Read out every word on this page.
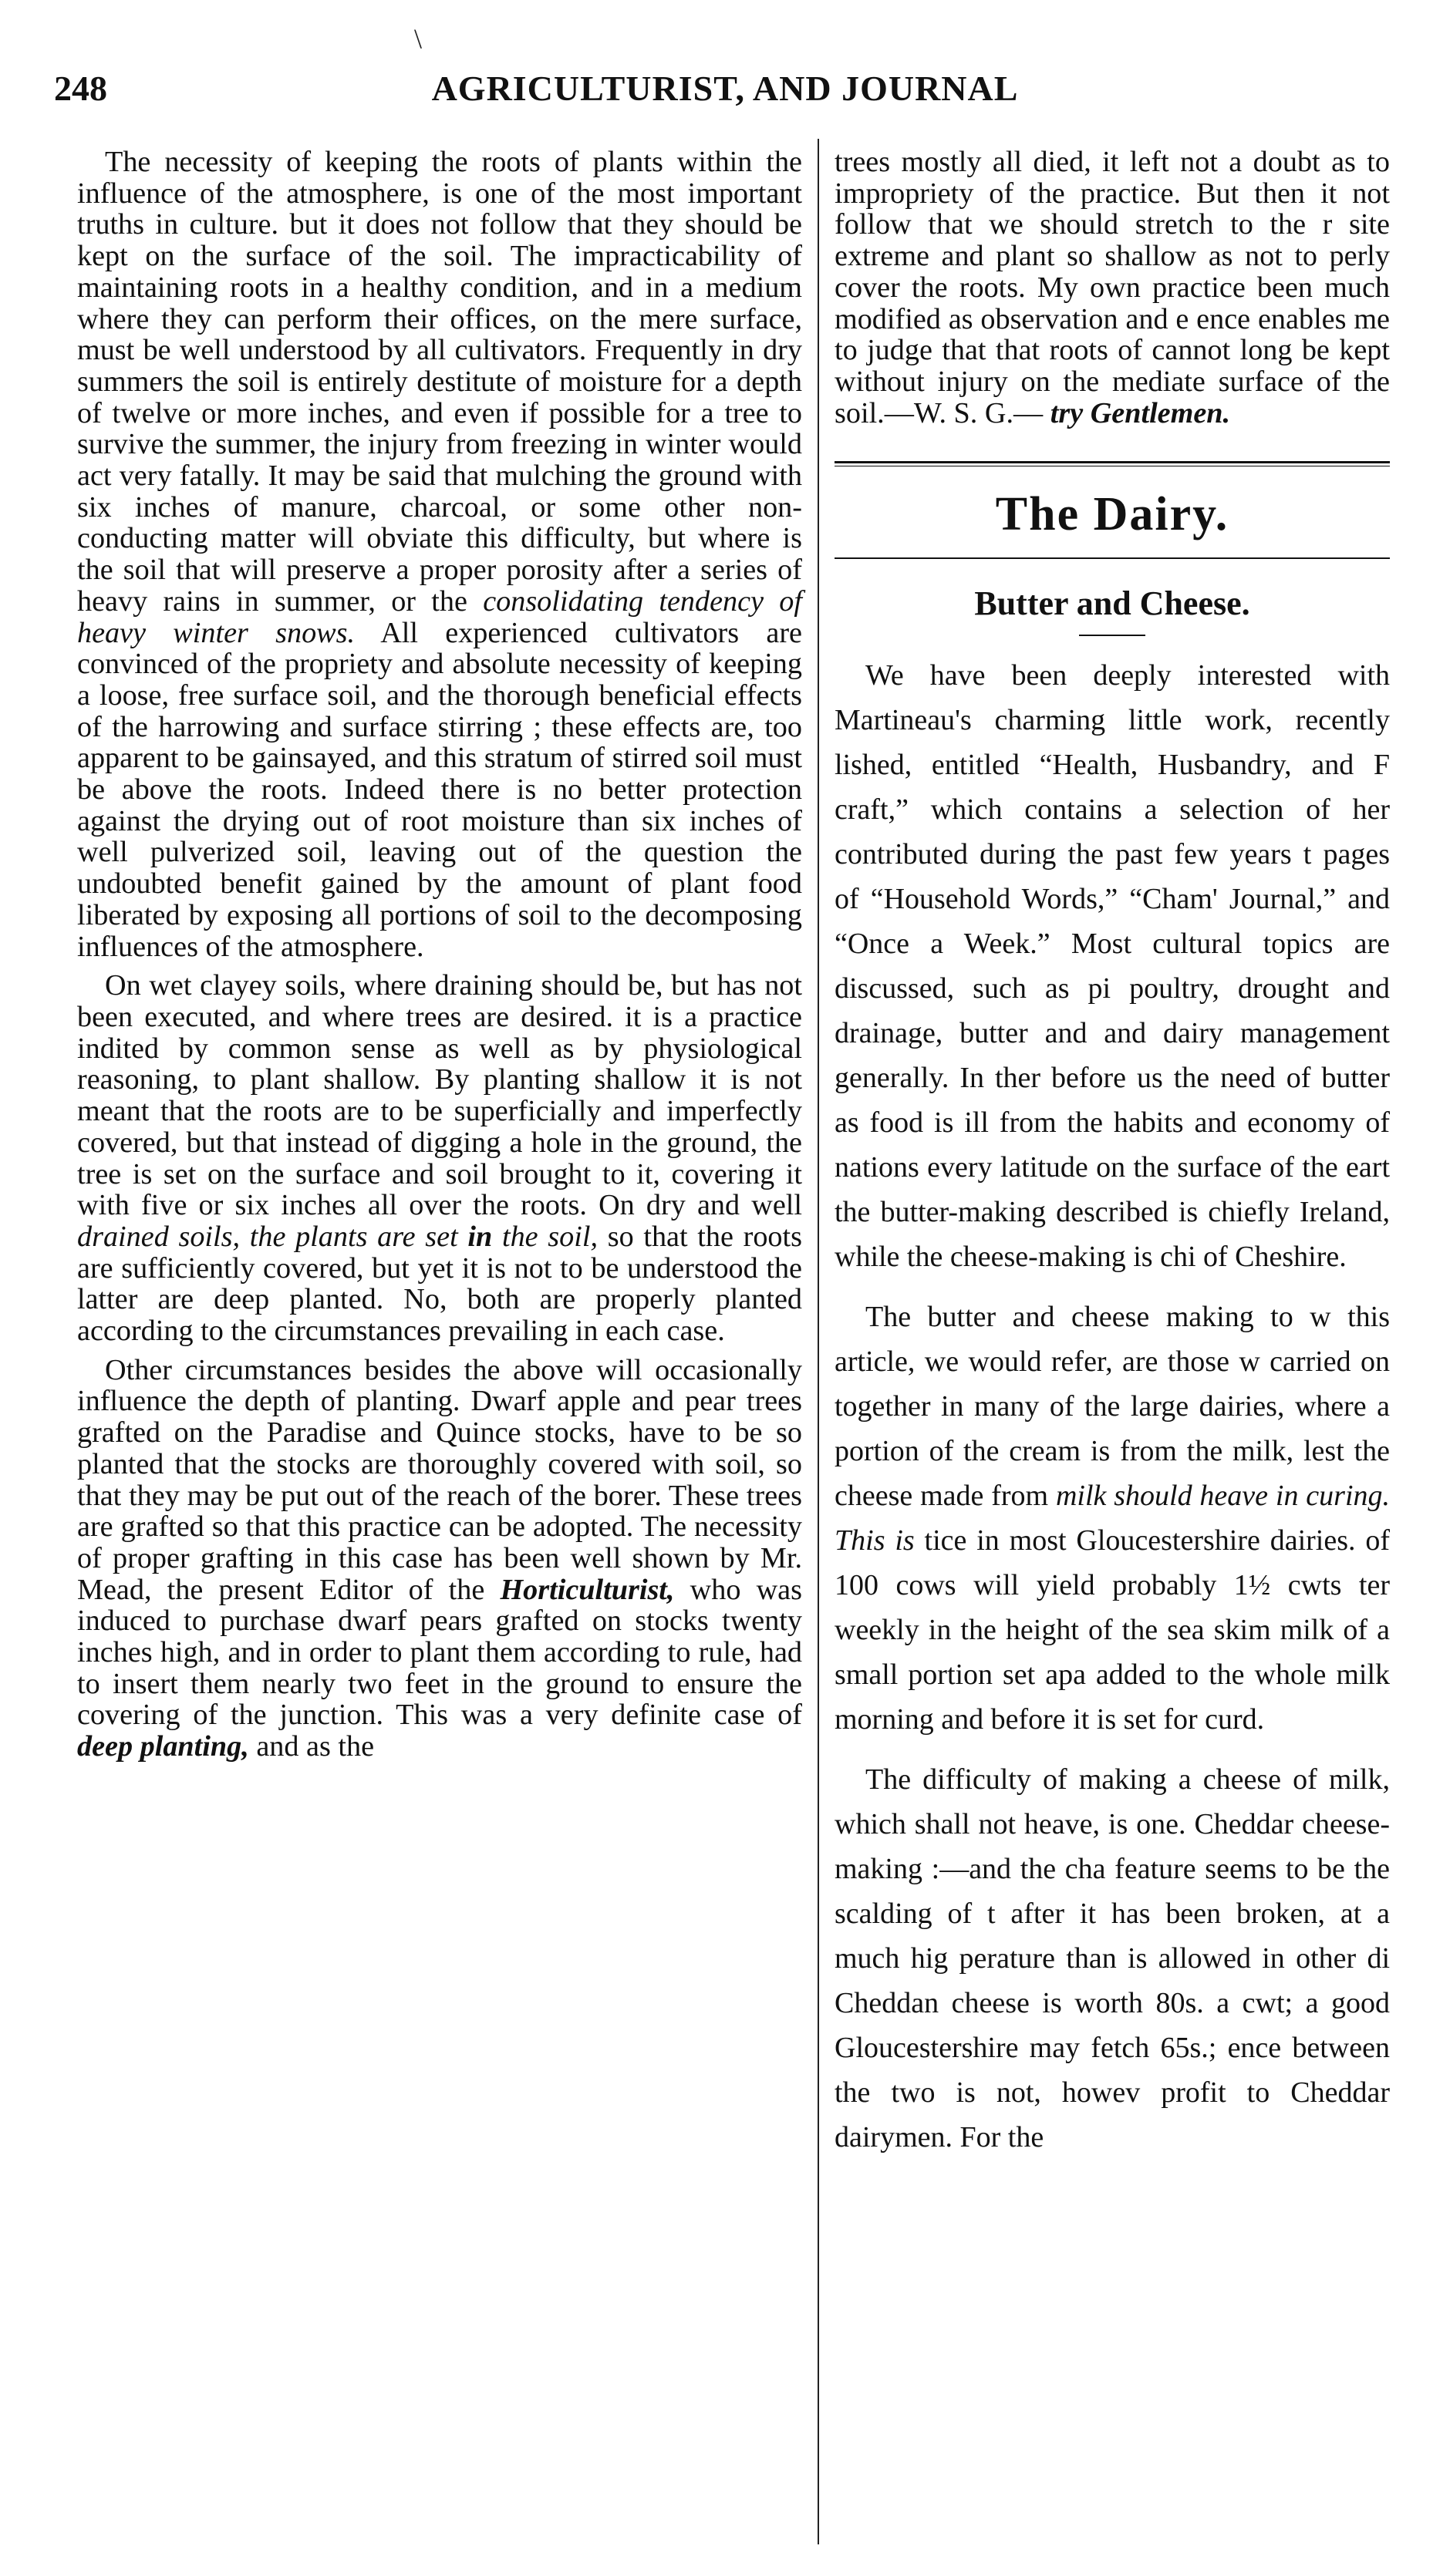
\
248	AGRICULTURIST, AND JOURNAL

The necessity of keeping the roots of plants within the influence of the atmosphere, is one of the most important truths in culture. but it does not follow that they should be kept on the surface of the soil. The impracticability of maintaining roots in a healthy condition, and in a medium where they can perform their offices, on the mere surface, must be well understood by all cultivators. Frequently in dry summers the soil is entirely destitute of moisture for a depth of twelve or more inches, and even if possible for a tree to survive the summer, the injury from freezing in winter would act very fatally. It may be said that mulching the ground with six inches of manure, charcoal, or some other non-conducting matter will obviate this difficulty, but where is the soil that will preserve a proper porosity after a series of heavy rains in summer, or the consolidating tendency of heavy winter snows. All experienced cultivators are convinced of the propriety and absolute necessity of keeping a loose, free surface soil, and the thorough beneficial effects of the harrowing and surface stirring ; these effects are, too apparent to be gainsayed, and this stratum of stirred soil must be above the roots. Indeed there is no better protection against the drying out of root moisture than six inches of well pulverized soil, leaving out of the question the undoubted benefit gained by the amount of plant food liberated by exposing all portions of soil to the decomposing influences of the atmosphere.

On wet clayey soils, where draining should be, but has not been executed, and where trees are desired. it is a practice indited by common sense as well as by physiological reasoning, to plant shallow. By planting shallow it is not meant that the roots are to be superficially and imperfectly covered, but that instead of digging a hole in the ground, the tree is set on the surface and soil brought to it, covering it with five or six inches all over the roots. On dry and well drained soils, the plants are set in the soil, so that the roots are sufficiently covered, but yet it is not to be understood the latter are deep planted. No, both are properly planted according to the circumstances prevailing in each case.

Other circumstances besides the above will occasionally influence the depth of planting. Dwarf apple and pear trees grafted on the Paradise and Quince stocks, have to be so planted that the stocks are thoroughly covered with soil, so that they may be put out of the reach of the borer. These trees are grafted so that this practice can be adopted. The necessity of proper grafting in this case has been well shown by Mr. Mead, the present Editor of the Horticulturist, who was induced to purchase dwarf pears grafted on stocks twenty inches high, and in order to plant them according to rule, had to insert them nearly two feet in the ground to ensure the covering of the junction. This was a very definite case of deep planting, and as the

trees mostly all died, it left not a doubt as to impropriety of the practice. But then it not follow that we should stretch to the r site extreme and plant so shallow as not to perly cover the roots. My own practice been much modified as observation and e ence enables me to judge that that roots of cannot long be kept without injury on the mediate surface of the soil.—W. S. G.— try Gentlemen.

The Dairy.
Butter and Cheese.

We have been deeply interested with Martineau's charming little work, recently lished, entitled “Health, Husbandry, and F craft,” which contains a selection of her contributed during the past few years t pages of “Household Words,” “Cham' Journal,” and “Once a Week.” Most cultural topics are discussed, such as pi poultry, drought and drainage, butter and and dairy management generally. In ther before us the need of butter as food is ill from the habits and economy of nations every latitude on the surface of the eart the butter-making described is chiefly Ireland, while the cheese-making is chi of Cheshire.

The butter and cheese making to w this article, we would refer, are those w carried on together in many of the large dairies, where a portion of the cream is from the milk, lest the cheese made from milk should heave in curing. This is tice in most Gloucestershire dairies. of 100 cows will yield probably 1½ cwts ter weekly in the height of the sea skim milk of a small portion set apa added to the whole milk morning and before it is set for curd.

The difficulty of making a cheese of milk, which shall not heave, is one. Cheddar cheese-making :—and the cha feature seems to be the scalding of t after it has been broken, at a much hig perature than is allowed in other di Cheddan cheese is worth 80s. a cwt; a good Gloucestershire may fetch 65s.; ence between the two is not, howev profit to Cheddar dairymen. For the
